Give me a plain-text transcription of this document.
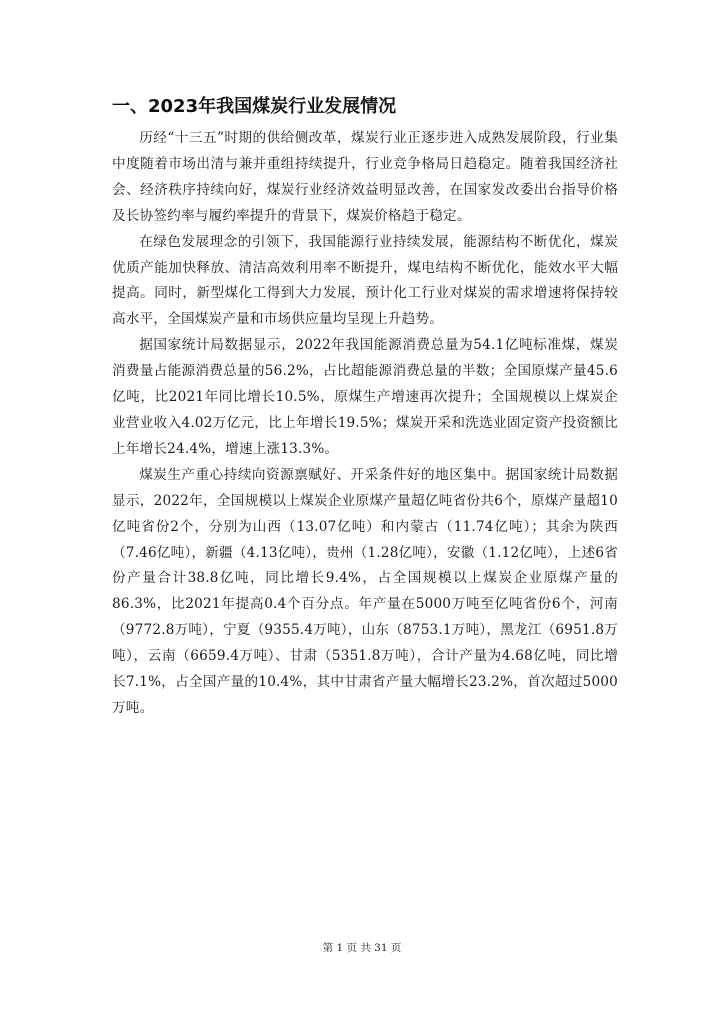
一、2023年我国煤炭行业发展情况

历经“十三五”时期的供给侧改革，煤炭行业正逐步进入成熟发展阶段，行业集中度随着市场出清与兼并重组持续提升，行业竞争格局日趋稳定。随着我国经济社会、经济秩序持续向好，煤炭行业经济效益明显改善，在国家发改委出台指导价格及长协签约率与履约率提升的背景下，煤炭价格趋于稳定。

在绿色发展理念的引领下，我国能源行业持续发展，能源结构不断优化，煤炭优质产能加快释放、清洁高效利用率不断提升，煤电结构不断优化，能效水平大幅提高。同时，新型煤化工得到大力发展，预计化工行业对煤炭的需求增速将保持较高水平，全国煤炭产量和市场供应量均呈现上升趋势。

据国家统计局数据显示，2022年我国能源消费总量为54.1亿吨标准煤，煤炭消费量占能源消费总量的56.2%，占比超能源消费总量的半数；全国原煤产量45.6亿吨，比2021年同比增长10.5%，原煤生产增速再次提升；全国规模以上煤炭企业营业收入4.02万亿元，比上年增长19.5%；煤炭开采和洗选业固定资产投资额比上年增长24.4%，增速上涨13.3%。

煤炭生产重心持续向资源禀赋好、开采条件好的地区集中。据国家统计局数据显示，2022年，全国规模以上煤炭企业原煤产量超亿吨省份共6个，原煤产量超10亿吨省份2个，分别为山西（13.07亿吨）和内蒙古（11.74亿吨）；其余为陕西（7.46亿吨），新疆（4.13亿吨），贵州（1.28亿吨），安徽（1.12亿吨），上述6省份产量合计38.8亿吨，同比增长9.4%，占全国规模以上煤炭企业原煤产量的86.3%，比2021年提高0.4个百分点。年产量在5000万吨至亿吨省份6个，河南（9772.8万吨），宁夏（9355.4万吨），山东（8753.1万吨），黑龙江（6951.8万吨），云南（6659.4万吨）、甘肃（5351.8万吨），合计产量为4.68亿吨，同比增长7.1%，占全国产量的10.4%，其中甘肃省产量大幅增长23.2%，首次超过5000万吨。

第 1 页 共 31 页
